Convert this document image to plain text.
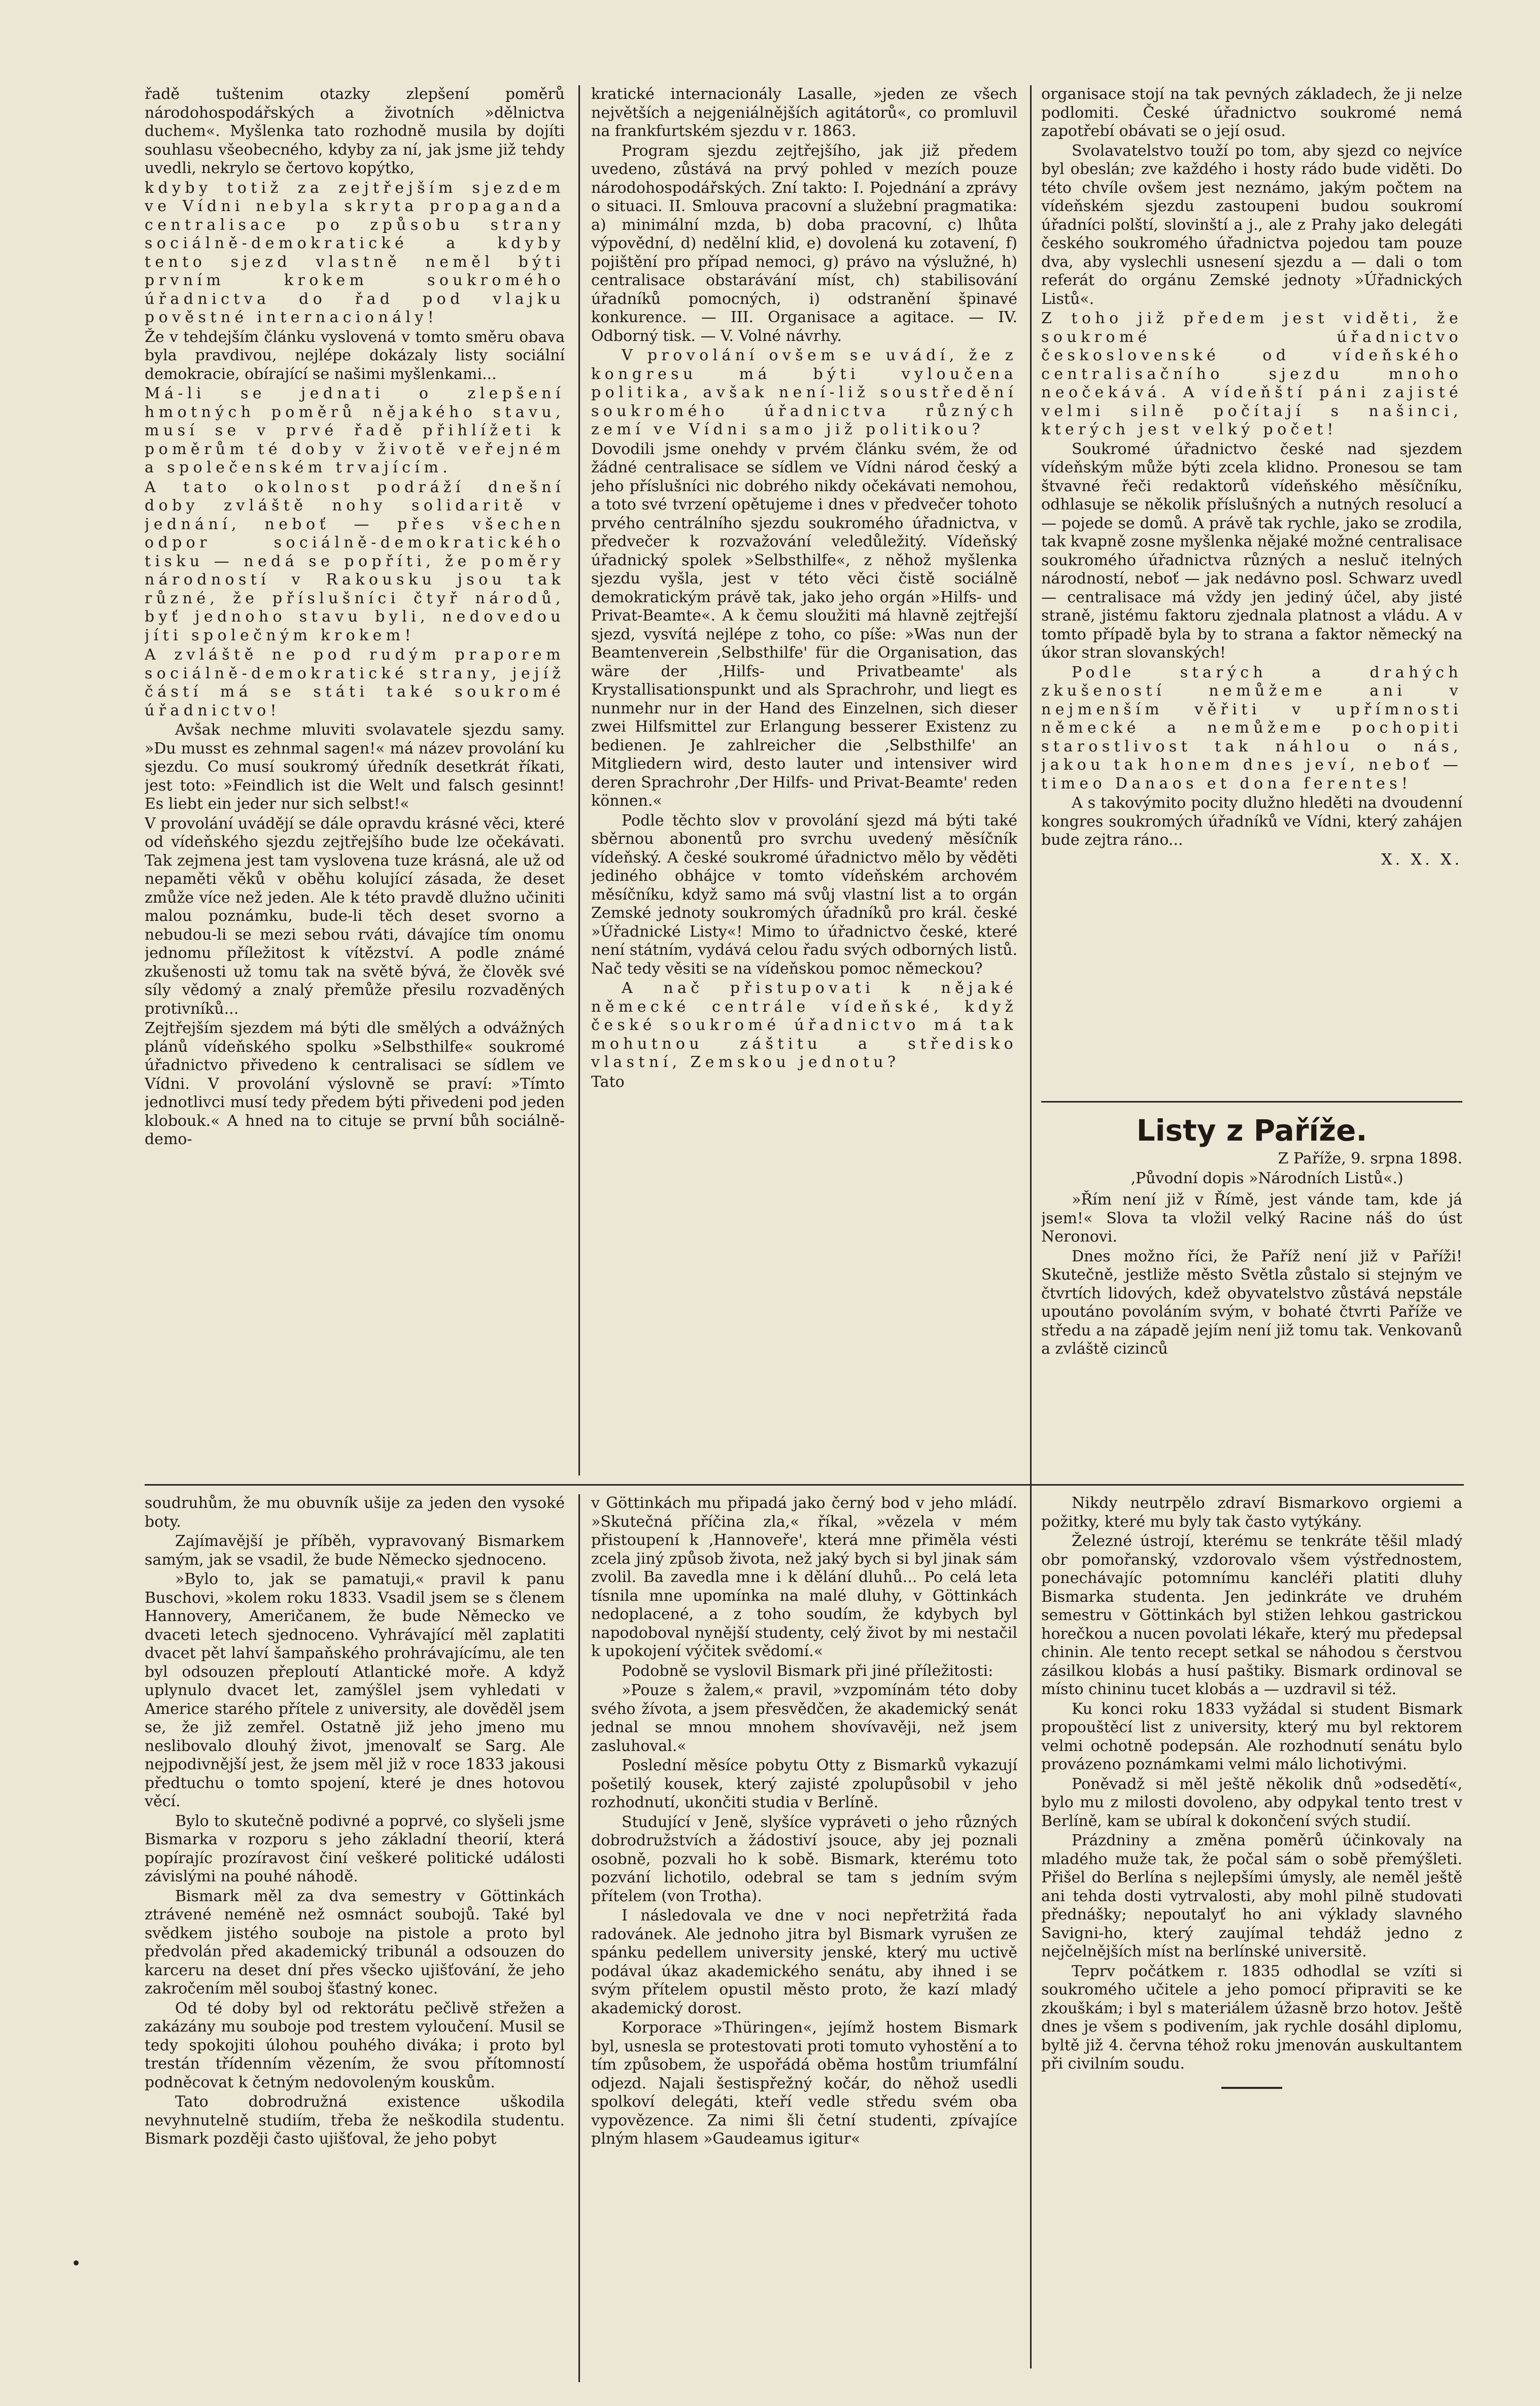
řadě tuštenim otazky zlepšení poměrů národohospodářských a životních »dělnictva duchem«. Myšlenka tato rozhodně musila by dojíti souhlasu všeobecného, kdyby za ní, jak jsme již tehdy uvedli, nekrylo se čertovo kopýtko,

kdyby totiž za zejtřejším sjezdem ve Vídni nebyla skryta propaganda centralisace po způsobu strany sociálně-demokratické a kdyby tento sjezd vlastně neměl býti prvním krokem soukromého úřadnictva do řad pod vlajku pověstné internacionály!

Že v tehdejším článku vyslovená v tomto směru obava byla pravdivou, nejlépe dokázaly listy sociální demokracie, obírající se našimi myšlenkami...

Má-li se jednati o zlepšení hmotných poměrů nějakého stavu, musí se v prvé řadě přihlížeti k poměrům té doby v životě veřejném a společenském trvajícím.

A tato okolnost podráží dnešní doby zvláště nohy solidaritě v jednání, neboť — přes všechen odpor sociálně-demokratického tisku — nedá se popříti, že poměry národností v Rakousku jsou tak různé, že příslušníci čtyř národů, byť jednoho stavu byli, nedovedou jíti společným krokem!

A zvláště ne pod rudým praporem sociálně-demokratické strany, jejíž částí má se státi také soukromé úřadnictvo!

Avšak nechme mluviti svolavatele sjezdu samy. »Du musst es zehnmal sagen!« má název provolání ku sjezdu. Co musí soukromý úředník desetkrát říkati, jest toto: »Feindlich ist die Welt und falsch gesinnt! Es liebt ein jeder nur sich selbst!«

V provolání uvádějí se dále opravdu krásné věci, které od vídeňského sjezdu zejtřejšího bude lze očekávati. Tak zejmena jest tam vyslovena tuze krásná, ale už od nepaměti věků v oběhu kolující zásada, že deset zmůže více než jeden. Ale k této pravdě dlužno učiniti malou poznámku, bude-li těch deset svorno a nebudou-li se mezi sebou rváti, dávajíce tím onomu jednomu příležitost k vítězství. A podle známé zkušenosti už tomu tak na světě bývá, že člověk své síly vědomý a znalý přemůže přesilu rozvaděných protivníků...

Zejtřejším sjezdem má býti dle smělých a odvážných plánů vídeňského spolku »Selbsthilfe« soukromé úřadnictvo přivedeno k centralisaci se sídlem ve Vídni. V provolání výslovně se praví: »Tímto jednotlivci musí tedy předem býti přivedeni pod jeden klobouk.« A hned na to cituje se první bůh sociálně-demo-

kratické internacionály Lasalle, »jeden ze všech největších a nejgeniálnějších agitátorů«, co promluvil na frankfurtském sjezdu v r. 1863.

Program sjezdu zejtřejšího, jak již předem uvedeno, zůstává na prvý pohled v mezích pouze národohospodářských. Zní takto: I. Pojednání a zprávy o situaci. II. Smlouva pracovní a služební pragmatika: a) minimální mzda, b) doba pracovní, c) lhůta výpovědní, d) nedělní klid, e) dovolená ku zotavení, f) pojištění pro případ nemoci, g) právo na výslužné, h) centralisace obstarávání míst, ch) stabilisování úřadníků pomocných, i) odstranění špinavé konkurence. — III. Organisace a agitace. — IV. Odborný tisk. — V. Volné návrhy.

V provolání ovšem se uvádí, že z kongresu má býti vyloučena politika, avšak není-liž soustředění soukromého úřadnictva různých zemí ve Vídni samo již politikou?

Dovodili jsme onehdy v prvém článku svém, že od žádné centralisace se sídlem ve Vídni národ český a jeho příslušníci nic dobrého nikdy očekávati nemohou, a toto své tvrzení opětujeme i dnes v předvečer tohoto prvého centrálního sjezdu soukromého úřadnictva, v předvečer k rozvažování veledůležitý. Vídeňský úřadnický spolek »Selbsthilfe«, z něhož myšlenka sjezdu vyšla, jest v této věci čistě sociálně demokratickým právě tak, jako jeho orgán »Hilfs- und Privat-Beamte«. A k čemu sloužiti má hlavně zejtřejší sjezd, vysvítá nejlépe z toho, co píše: »Was nun der Beamtenverein ‚Selbsthilfe' für die Organisation, das wäre der ‚Hilfs- und Privatbeamte' als Krystallisationspunkt und als Sprachrohr, und liegt es nunmehr nur in der Hand des Einzelnen, sich dieser zwei Hilfsmittel zur Erlangung besserer Existenz zu bedienen. Je zahlreicher die ‚Selbsthilfe' an Mitgliedern wird, desto lauter und intensiver wird deren Sprachrohr ‚Der Hilfs- und Privat-Beamte' reden können.«

Podle těchto slov v provolání sjezd má býti také sběrnou abonentů pro svrchu uvedený měsíčník vídeňský. A české soukromé úřadnictvo mělo by věděti jediného obhájce v tomto vídeňském archovém měsíčníku, když samo má svůj vlastní list a to orgán Zemské jednoty soukromých úřadníků pro král. české »Úřadnické Listy«! Mimo to úřadnictvo české, které není státním, vydává celou řadu svých odborných listů. Nač tedy věsiti se na vídeňskou pomoc německou?

A nač přistupovati k nějaké německé centrále vídeňské, když české soukromé úřadnictvo má tak mohutnou záštitu a středisko vlastní, Zemskou jednotu?

Tato

organisace stojí na tak pevných základech, že ji nelze podlomiti. České úřadnictvo soukromé nemá zapotřebí obávati se o její osud.

Svolavatelstvo touží po tom, aby sjezd co nejvíce byl obeslán; zve každého i hosty rádo bude viděti. Do této chvíle ovšem jest neznámo, jakým počtem na vídeňském sjezdu zastoupeni budou soukromí úřadníci polští, slovinští a j., ale z Prahy jako delegáti českého soukromého úřadnictva pojedou tam pouze dva, aby vyslechli usnesení sjezdu a — dali o tom referát do orgánu Zemské jednoty »Úřadnických Listů«.

Z toho již předem jest viděti, že soukromé úřadnictvo československé od vídeňského centralisačního sjezdu mnoho neočekává. A vídeňští páni zajisté velmi silně počítají s našinci, kterých jest velký počet!

Soukromé úřadnictvo české nad sjezdem vídeňským může býti zcela klidno. Pronesou se tam štvavné řeči redaktorů vídeňského měsíčníku, odhlasuje se několik příslušných a nutných resolucí a — pojede se domů. A právě tak rychle, jako se zrodila, tak kvapně zosne myšlenka nějaké možné centralisace soukromého úřadnictva různých a nesluč itelných národností, neboť — jak nedávno posl. Schwarz uvedl — centralisace má vždy jen jediný účel, aby jisté straně, jistému faktoru zjednala platnost a vládu. A v tomto případě byla by to strana a faktor německý na úkor stran slovanských!

Podle starých a drahých zkušeností nemůžeme ani v nejmenším věřiti v upřímnosti německé a nemůžeme pochopiti starostlivost tak náhlou o nás, jakou tak honem dnes jeví, neboť — timeo Danaos et dona ferentes!

A s takovýmito pocity dlužno hleděti na dvoudenní kongres soukromých úřadníků ve Vídni, který zahájen bude zejtra ráno...

X. X. X.

Listy z Paříže.

Z Paříže, 9. srpna 1898.

‚Původní dopis »Národních Listů«.)

»Řím není již v Římě, jest vánde tam, kde já jsem!« Slova ta vložil velký Racine náš do úst Neronovi.

Dnes možno říci, že Paříž není již v Paříži! Skutečně, jestliže město Světla zůstalo si stejným ve čtvrtích lidových, kdež obyvatelstvo zůstává nepstále upoutáno povoláním svým, v bohaté čtvrti Paříže ve středu a na západě jejím není již tomu tak. Venkovanů a zvláště cizinců

soudruhům, že mu obuvník ušije za jeden den vysoké boty.

Zajímavější je příběh, vypravovaný Bismarkem samým, jak se vsadil, že bude Německo sjednoceno.

»Bylo to, jak se pamatuji,« pravil k panu Buschovi, »kolem roku 1833. Vsadil jsem se s členem Hannovery, Američanem, že bude Německo ve dvaceti letech sjednoceno. Vyhrávající měl zaplatiti dvacet pět lahví šampaňského prohrávajícímu, ale ten byl odsouzen přeploutí Atlantické moře. A když uplynulo dvacet let, zamýšlel jsem vyhledati v Americe starého přítele z university, ale dověděl jsem se, že již zemřel. Ostatně již jeho jmeno mu neslibovalo dlouhý život, jmenovalť se Sarg. Ale nejpodivnější jest, že jsem měl již v roce 1833 jakousi předtuchu o tomto spojení, které je dnes hotovou věcí.

Bylo to skutečně podivné a poprvé, co slyšeli jsme Bismarka v rozporu s jeho základní theorií, která popírajíc prozíravost činí veškeré politické události závislými na pouhé náhodě.

Bismark měl za dva semestry v Göttinkách ztrávené neméně než osmnáct soubojů. Také byl svědkem jistého souboje na pistole a proto byl předvolán před akademický tribunál a odsouzen do karceru na deset dní přes všecko ujišťování, že jeho zakročením měl souboj šťastný konec.

Od té doby byl od rektorátu pečlivě střežen a zakázány mu souboje pod trestem vyloučení. Musil se tedy spokojiti úlohou pouhého diváka; i proto byl trestán třídenním vězením, že svou přítomností podněcovat k četným nedovoleným kouskům.

Tato dobrodružná existence uškodila nevyhnutelně studiím, třeba že neškodila studentu. Bismark později často ujišťoval, že jeho pobyt

v Göttinkách mu připadá jako černý bod v jeho mládí. »Skutečná příčina zla,« říkal, »vězela v mém přistoupení k ‚Hannoveře', která mne přiměla vésti zcela jiný způsob života, než jaký bych si byl jinak sám zvolil. Ba zavedla mne i k dělání dluhů... Po celá leta tísnila mne upomínka na malé dluhy, v Göttinkách nedoplacené, a z toho soudím, že kdybych byl napodoboval nynější studenty, celý život by mi nestačil k upokojení výčitek svědomí.«

Podobně se vyslovil Bismark při jiné příležitosti:

»Pouze s žalem,« pravil, »vzpomínám této doby svého žívota, a jsem přesvědčen, že akademický senát jednal se mnou mnohem shovívavěji, než jsem zasluhoval.«

Poslední měsíce pobytu Otty z Bismarků vykazují pošetilý kousek, který zajisté zpolupůsobil v jeho rozhodnutí, ukončiti studia v Berlíně.

Studující v Jeně, slyšíce vypráveti o jeho různých dobrodružstvích a žádostiví jsouce, aby jej poznali osobně, pozvali ho k sobě. Bismark, kterému toto pozvání lichotilo, odebral se tam s jedním svým přítelem (von Trotha).

I následovala ve dne v noci nepřetržitá řada radovánek. Ale jednoho jitra byl Bismark vyrušen ze spánku pedellem university jenské, který mu uctivě podával úkaz akademického senátu, aby ihned i se svým přítelem opustil město proto, že kazí mladý akademický dorost.

Korporace »Thüringen«, jejímž hostem Bismark byl, usnesla se protestovati proti tomuto vyhostění a to tím způsobem, že uspořádá oběma hostům triumfální odjezd. Najali šestispřežný kočár, do něhož usedli spolkoví delegáti, kteří vedle středu svém oba vypovězence. Za nimi šli četní studenti, zpívajíce plným hlasem »Gaudeamus igitur«

Nikdy neutrpělo zdraví Bismarkovo orgiemi a požitky, které mu byly tak často vytýkány.

Železné ústrojí, kterému se tenkráte těšil mladý obr pomořanský, vzdorovalo všem výstřednostem, ponechávajíc potomnímu kancléři platiti dluhy Bismarka studenta. Jen jedinkráte ve druhém semestru v Göttinkách byl stižen lehkou gastrickou horečkou a nucen povolati lékaře, který mu předepsal chinin. Ale tento recept setkal se náhodou s čerstvou zásilkou klobás a husí paštiky. Bismark ordinoval se místo chininu tucet klobás a — uzdravil si též.

Ku konci roku 1833 vyžádal si student Bismark propouštěcí list z university, který mu byl rektorem velmi ochotně podepsán. Ale rozhodnutí senátu bylo provázeno poznámkami velmi málo lichotivými.

Poněvadž si měl ještě několik dnů »odsedětí«, bylo mu z milosti dovoleno, aby odpykal tento trest v Berlíně, kam se ubíral k dokončení svých studií.

Prázdniny a změna poměrů účinkovaly na mladého muže tak, že počal sám o sobě přemýšleti. Přišel do Berlína s nejlepšími úmysly, ale neměl ještě ani tehda dosti vytrvalosti, aby mohl pilně studovati přednášky; nepoutalyť ho ani výklady slavného Savigni-ho, který zaujímal tehdáž jedno z nejčelnějších míst na berlínské universitě.

Teprv počátkem r. 1835 odhodlal se vzíti si soukromého učitele a jeho pomocí připraviti se ke zkouškám; i byl s materiálem úžasně brzo hotov. Ještě dnes je všem s podivením, jak rychle dosáhl diplomu, byltě již 4. června téhož roku jmenován auskultantem při civilním soudu.
